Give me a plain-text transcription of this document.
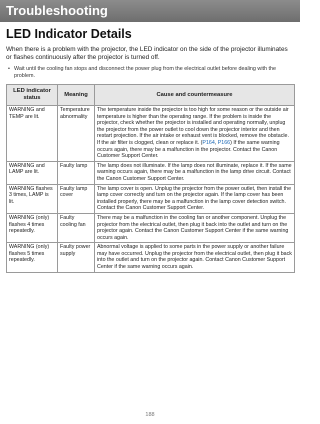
Troubleshooting
LED Indicator Details
When there is a problem with the projector, the LED indicator on the side of the projector illuminates or flashes continuously after the projector is turned off.
• Wait until the cooling fan stops and disconnect the power plug from the electrical outlet before dealing with the problem.
LED indicator status	Meaning	Cause and countermeasure
WARNING and TEMP are lit.	Temperature abnormality	The temperature inside the projector is too high for some reason or the outside air temperature is higher than the operating range. If the problem is inside the projector, check whether the projector is installed and operating normally, unplug the projector from the power outlet to cool down the projector interior and then restart projection. If the air intake or exhaust vent is blocked, remove the obstacle. If the air filter is clogged, clean or replace it. (P164, P166) If the same warning occurs again, there may be a malfunction in the projector. Contact the Canon Customer Support Center.
WARNING and LAMP are lit.	Faulty lamp	The lamp does not illuminate. If the lamp does not illuminate, replace it. If the same warning occurs again, there may be a malfunction in the lamp drive circuit. Contact the Canon Customer Support Center.
WARNING flashes 3 times, LAMP is lit.	Faulty lamp cover	The lamp cover is open. Unplug the projector from the power outlet, then install the lamp cover correctly and turn on the projector again. If the lamp cover has been installed properly, there may be a malfunction in the lamp cover detection switch. Contact the Canon Customer Support Center.
WARNING (only) flashes 4 times repeatedly.	Faulty cooling fan	There may be a malfunction in the cooling fan or another component. Unplug the projector from the electrical outlet, then plug it back into the outlet and turn on the projector again. Contact the Canon Customer Support Center if the same warning occurs again.
WARNING (only) flashes 5 times repeatedly.	Faulty power supply	Abnormal voltage is applied to some parts in the power supply or another failure may have occurred. Unplug the projector from the electrical outlet, then plug it back into the outlet and turn on the projector again. Contact Canon Customer Support Center if the same warning occurs again.
188
